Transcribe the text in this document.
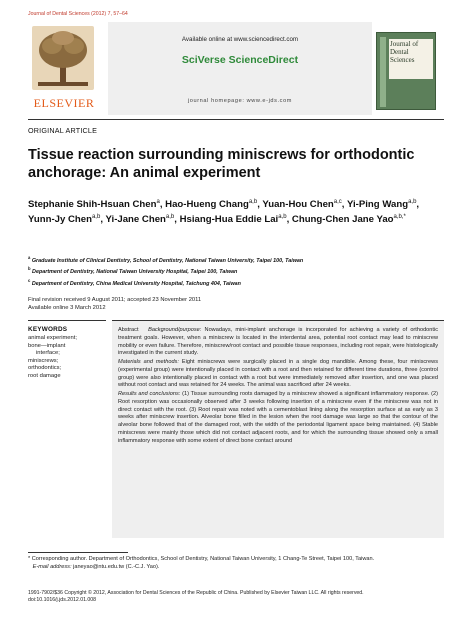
Journal of Dental Sciences (2012) 7, 57–64
ELSEVIER
Available online at www.sciencedirect.com
SciVerse ScienceDirect
journal homepage: www.e-jds.com
Journal of Dental Sciences
ORIGINAL ARTICLE
Tissue reaction surrounding miniscrews for orthodontic anchorage: An animal experiment
Stephanie Shih-Hsuan Chen$^a$, Hao-Hueng Chang$^{a,b}$, Yuan-Hou Chen$^{a,c}$, Yi-Ping Wang$^{a,b}$, Yunn-Jy Chen$^{a,b}$, Yi-Jane Chen$^{a,b}$, Hsiang-Hua Eddie Lai$^{a,b}$, Chung-Chen Jane Yao$^{a,b,*}$
$^a$ Graduate Institute of Clinical Dentistry, School of Dentistry, National Taiwan University, Taipei 100, Taiwan
$^b$ Department of Dentistry, National Taiwan University Hospital, Taipei 100, Taiwan
$^c$ Department of Dentistry, China Medical University Hospital, Taichung 404, Taiwan
Final revision received 9 August 2011; accepted 23 November 2011
Available online 3 March 2012
KEYWORDS
animal experiment;
bone—implant
interface;
miniscrews;
orthodontics;
root damage

Abstract Background/purpose: Nowadays, mini-implant anchorage is incorporated for achieving a variety of orthodontic treatment goals. However, when a miniscrew is located in the interdental area, potential root contact may lead to miniscrew mobility or even failure. Therefore, miniscrew/root contact and possible tissue responses, including root repair, were histologically investigated in the current study.

Materials and methods: Eight miniscrews were surgically placed in a single dog mandible. Among these, four miniscrews (experimental group) were intentionally placed in contact with a root and then retained for different time durations, three (control group) were also intentionally placed in contact with a root but were immediately removed after insertion, and one was placed without root contact and was retained for 24 weeks. The animal was sacrificed after 24 weeks.

Results and conclusions: (1) Tissue surrounding roots damaged by a miniscrew showed a significant inflammatory response. (2) Root resorption was occasionally observed after 3 weeks following insertion of a miniscrew even if the miniscrew was not in direct contact with the root. (3) Root repair was noted with a cementoblast lining along the resorption surface at as early as 3 weeks after miniscrew insertion. Alveolar bone filled in the lesion when the root damage was large so that the contour of the alveolar bone followed that of the damaged root, with the width of the periodontal ligament space being maintained. (4) Stable miniscrews were mainly those which did not contact adjacent roots, and for which the surrounding tissue showed only a small inflammatory response with some extent of direct bone contact around

* Corresponding author. Department of Orthodontics, School of Dentistry, National Taiwan University, 1 Chang-Te Street, Taipei 100, Taiwan.
E-mail address: janeyao@ntu.edu.tw (C.-C.J. Yao).
1991-7902/$36 Copyright © 2012, Association for Dental Sciences of the Republic of China. Published by Elsevier Taiwan LLC. All rights reserved.
doi:10.1016/j.jds.2012.01.008
